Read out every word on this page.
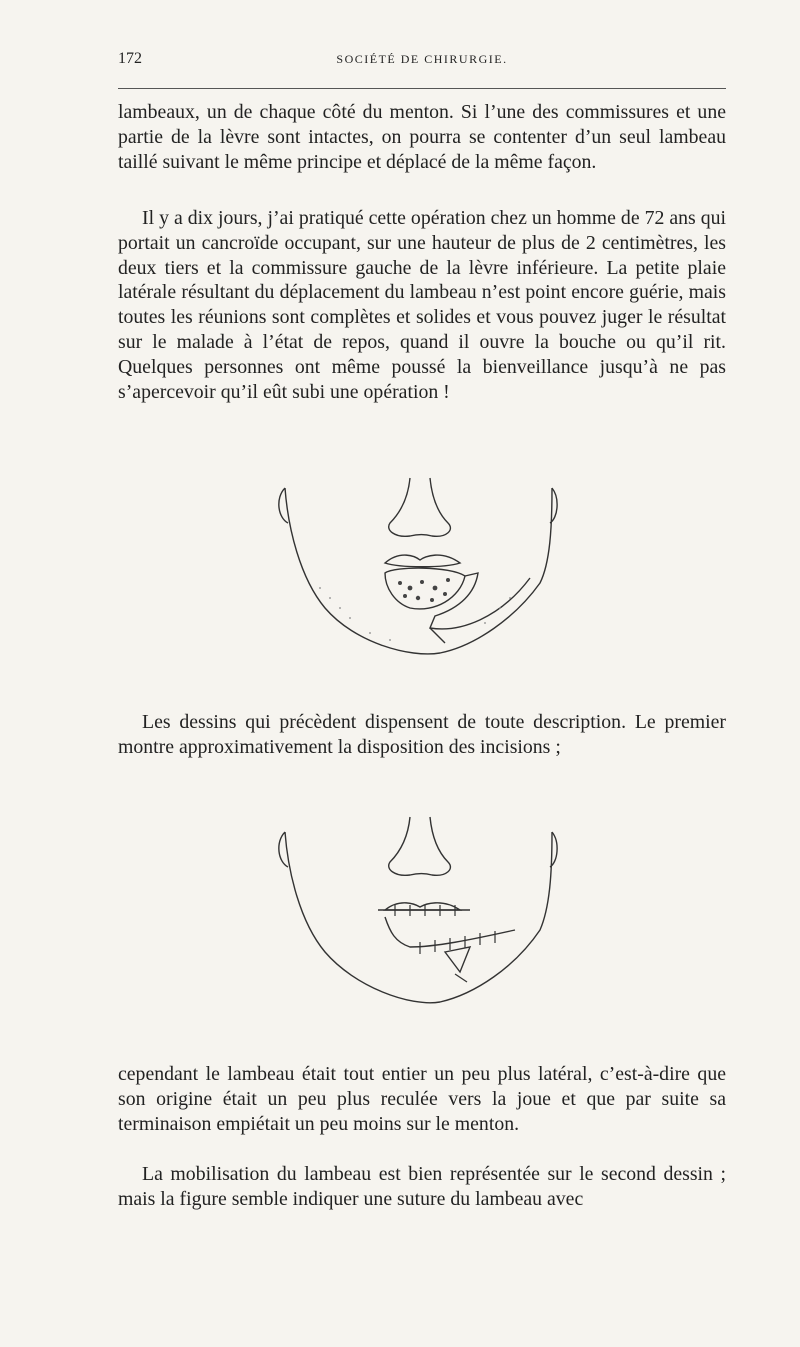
172	SOCIÉTÉ DE CHIRURGIE.

lambeaux, un de chaque côté du menton. Si l’une des commissures et une partie de la lèvre sont intactes, on pourra se contenter d’un seul lambeau taillé suivant le même principe et déplacé de la même façon.

Il y a dix jours, j’ai pratiqué cette opération chez un homme de 72 ans qui portait un cancroïde occupant, sur une hauteur de plus de 2 centimètres, les deux tiers et la commissure gauche de la lèvre inférieure. La petite plaie latérale résultant du déplacement du lambeau n’est point encore guérie, mais toutes les réunions sont complètes et solides et vous pouvez juger le résultat sur le malade à l’état de repos, quand il ouvre la bouche ou qu’il rit. Quelques personnes ont même poussé la bienveillance jusqu’à ne pas s’apercevoir qu’il eût subi une opération !

Les dessins qui précèdent dispensent de toute description. Le premier montre approximativement la disposition des incisions ;

cependant le lambeau était tout entier un peu plus latéral, c’est-à-dire que son origine était un peu plus reculée vers la joue et que par suite sa terminaison empiétait un peu moins sur le menton.

La mobilisation du lambeau est bien représentée sur le second dessin ; mais la figure semble indiquer une suture du lambeau avec
